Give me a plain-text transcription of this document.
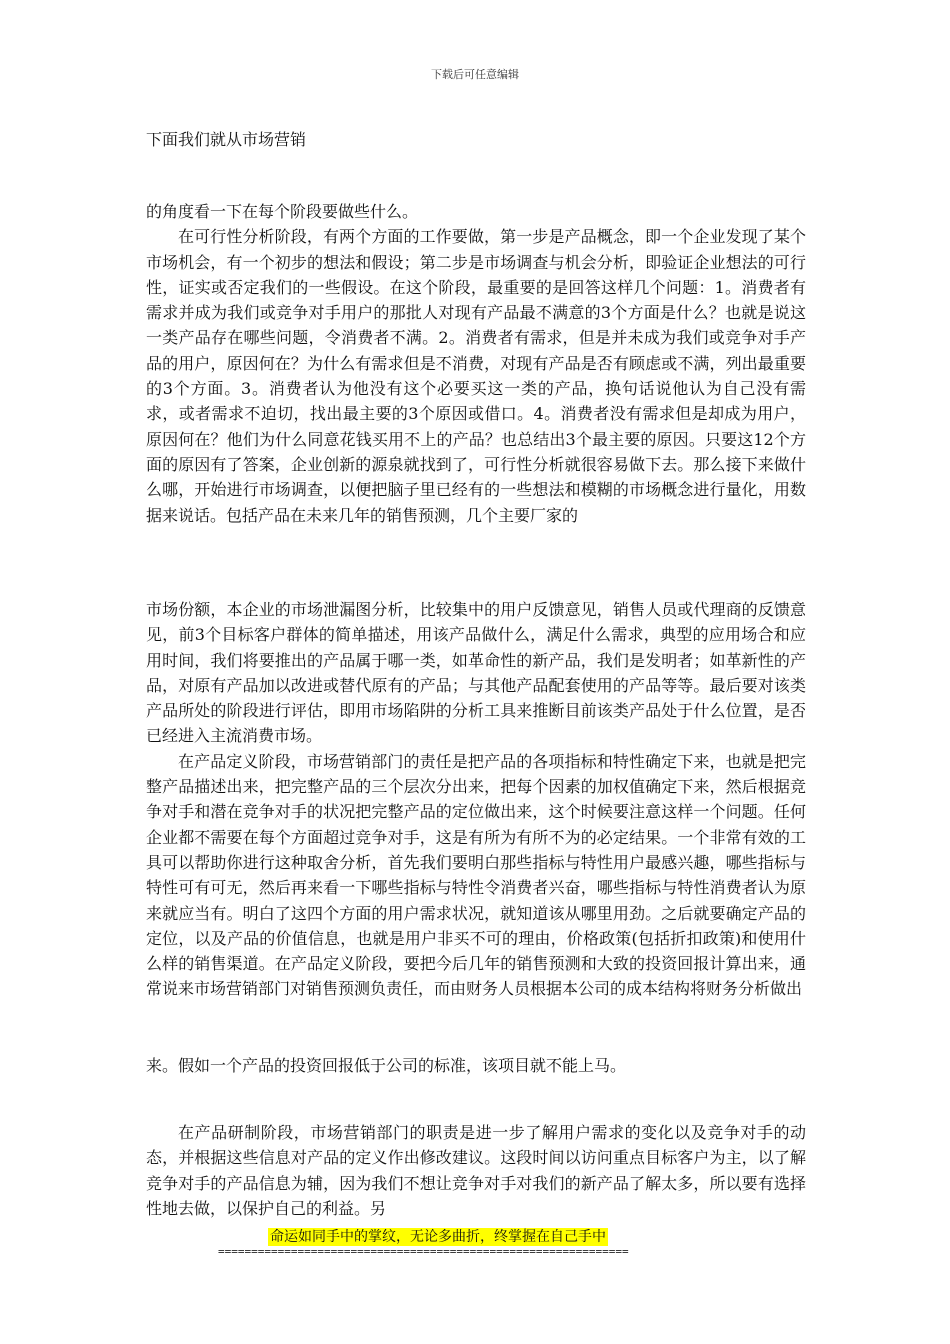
下载后可任意编辑
下面我们就从市场营销

的角度看一下在每个阶段要做些什么。

在可行性分析阶段，有两个方面的工作要做，第一步是产品概念，即一个企业发现了某个市场机会，有一个初步的想法和假设；第二步是市场调查与机会分析，即验证企业想法的可行性，证实或否定我们的一些假设。在这个阶段，最重要的是回答这样几个问题：1。消费者有需求并成为我们或竞争对手用户的那批人对现有产品最不满意的3个方面是什么？也就是说这一类产品存在哪些问题，令消费者不满。2。消费者有需求，但是并未成为我们或竞争对手产品的用户，原因何在？为什么有需求但是不消费，对现有产品是否有顾虑或不满，列出最重要的3个方面。3。消费者认为他没有这个必要买这一类的产品，换句话说他认为自己没有需求，或者需求不迫切，找出最主要的3个原因或借口。4。消费者没有需求但是却成为用户，原因何在？他们为什么同意花钱买用不上的产品？也总结出3个最主要的原因。只要这12个方面的原因有了答案，企业创新的源泉就找到了，可行性分析就很容易做下去。那么接下来做什么哪，开始进行市场调查，以便把脑子里已经有的一些想法和模糊的市场概念进行量化，用数据来说话。包括产品在未来几年的销售预测，几个主要厂家的

市场份额，本企业的市场泄漏图分析，比较集中的用户反馈意见，销售人员或代理商的反馈意见，前3个目标客户群体的简单描述，用该产品做什么，满足什么需求，典型的应用场合和应用时间，我们将要推出的产品属于哪一类，如革命性的新产品，我们是发明者；如革新性的产品，对原有产品加以改进或替代原有的产品；与其他产品配套使用的产品等等。最后要对该类产品所处的阶段进行评估，即用市场陷阱的分析工具来推断目前该类产品处于什么位置，是否已经进入主流消费市场。

在产品定义阶段，市场营销部门的责任是把产品的各项指标和特性确定下来，也就是把完整产品描述出来，把完整产品的三个层次分出来，把每个因素的加权值确定下来，然后根据竞争对手和潜在竞争对手的状况把完整产品的定位做出来，这个时候要注意这样一个问题。任何企业都不需要在每个方面超过竞争对手，这是有所为有所不为的必定结果。一个非常有效的工具可以帮助你进行这种取舍分析，首先我们要明白那些指标与特性用户最感兴趣，哪些指标与特性可有可无，然后再来看一下哪些指标与特性令消费者兴奋，哪些指标与特性消费者认为原来就应当有。明白了这四个方面的用户需求状况，就知道该从哪里用劲。之后就要确定产品的定位，以及产品的价值信息，也就是用户非买不可的理由，价格政策(包括折扣政策)和使用什么样的销售渠道。在产品定义阶段，要把今后几年的销售预测和大致的投资回报计算出来，通常说来市场营销部门对销售预测负责任，而由财务人员根据本公司的成本结构将财务分析做出

来。假如一个产品的投资回报低于公司的标准，该项目就不能上马。

在产品研制阶段，市场营销部门的职责是进一步了解用户需求的变化以及竞争对手的动态，并根据这些信息对产品的定义作出修改建议。这段时间以访问重点目标客户为主，以了解竞争对手的产品信息为辅，因为我们不想让竞争对手对我们的新产品了解太多，所以要有选择性地去做，以保护自己的利益。另

命运如同手中的掌纹，无论多曲折，终掌握在自己手中
==============================================================
